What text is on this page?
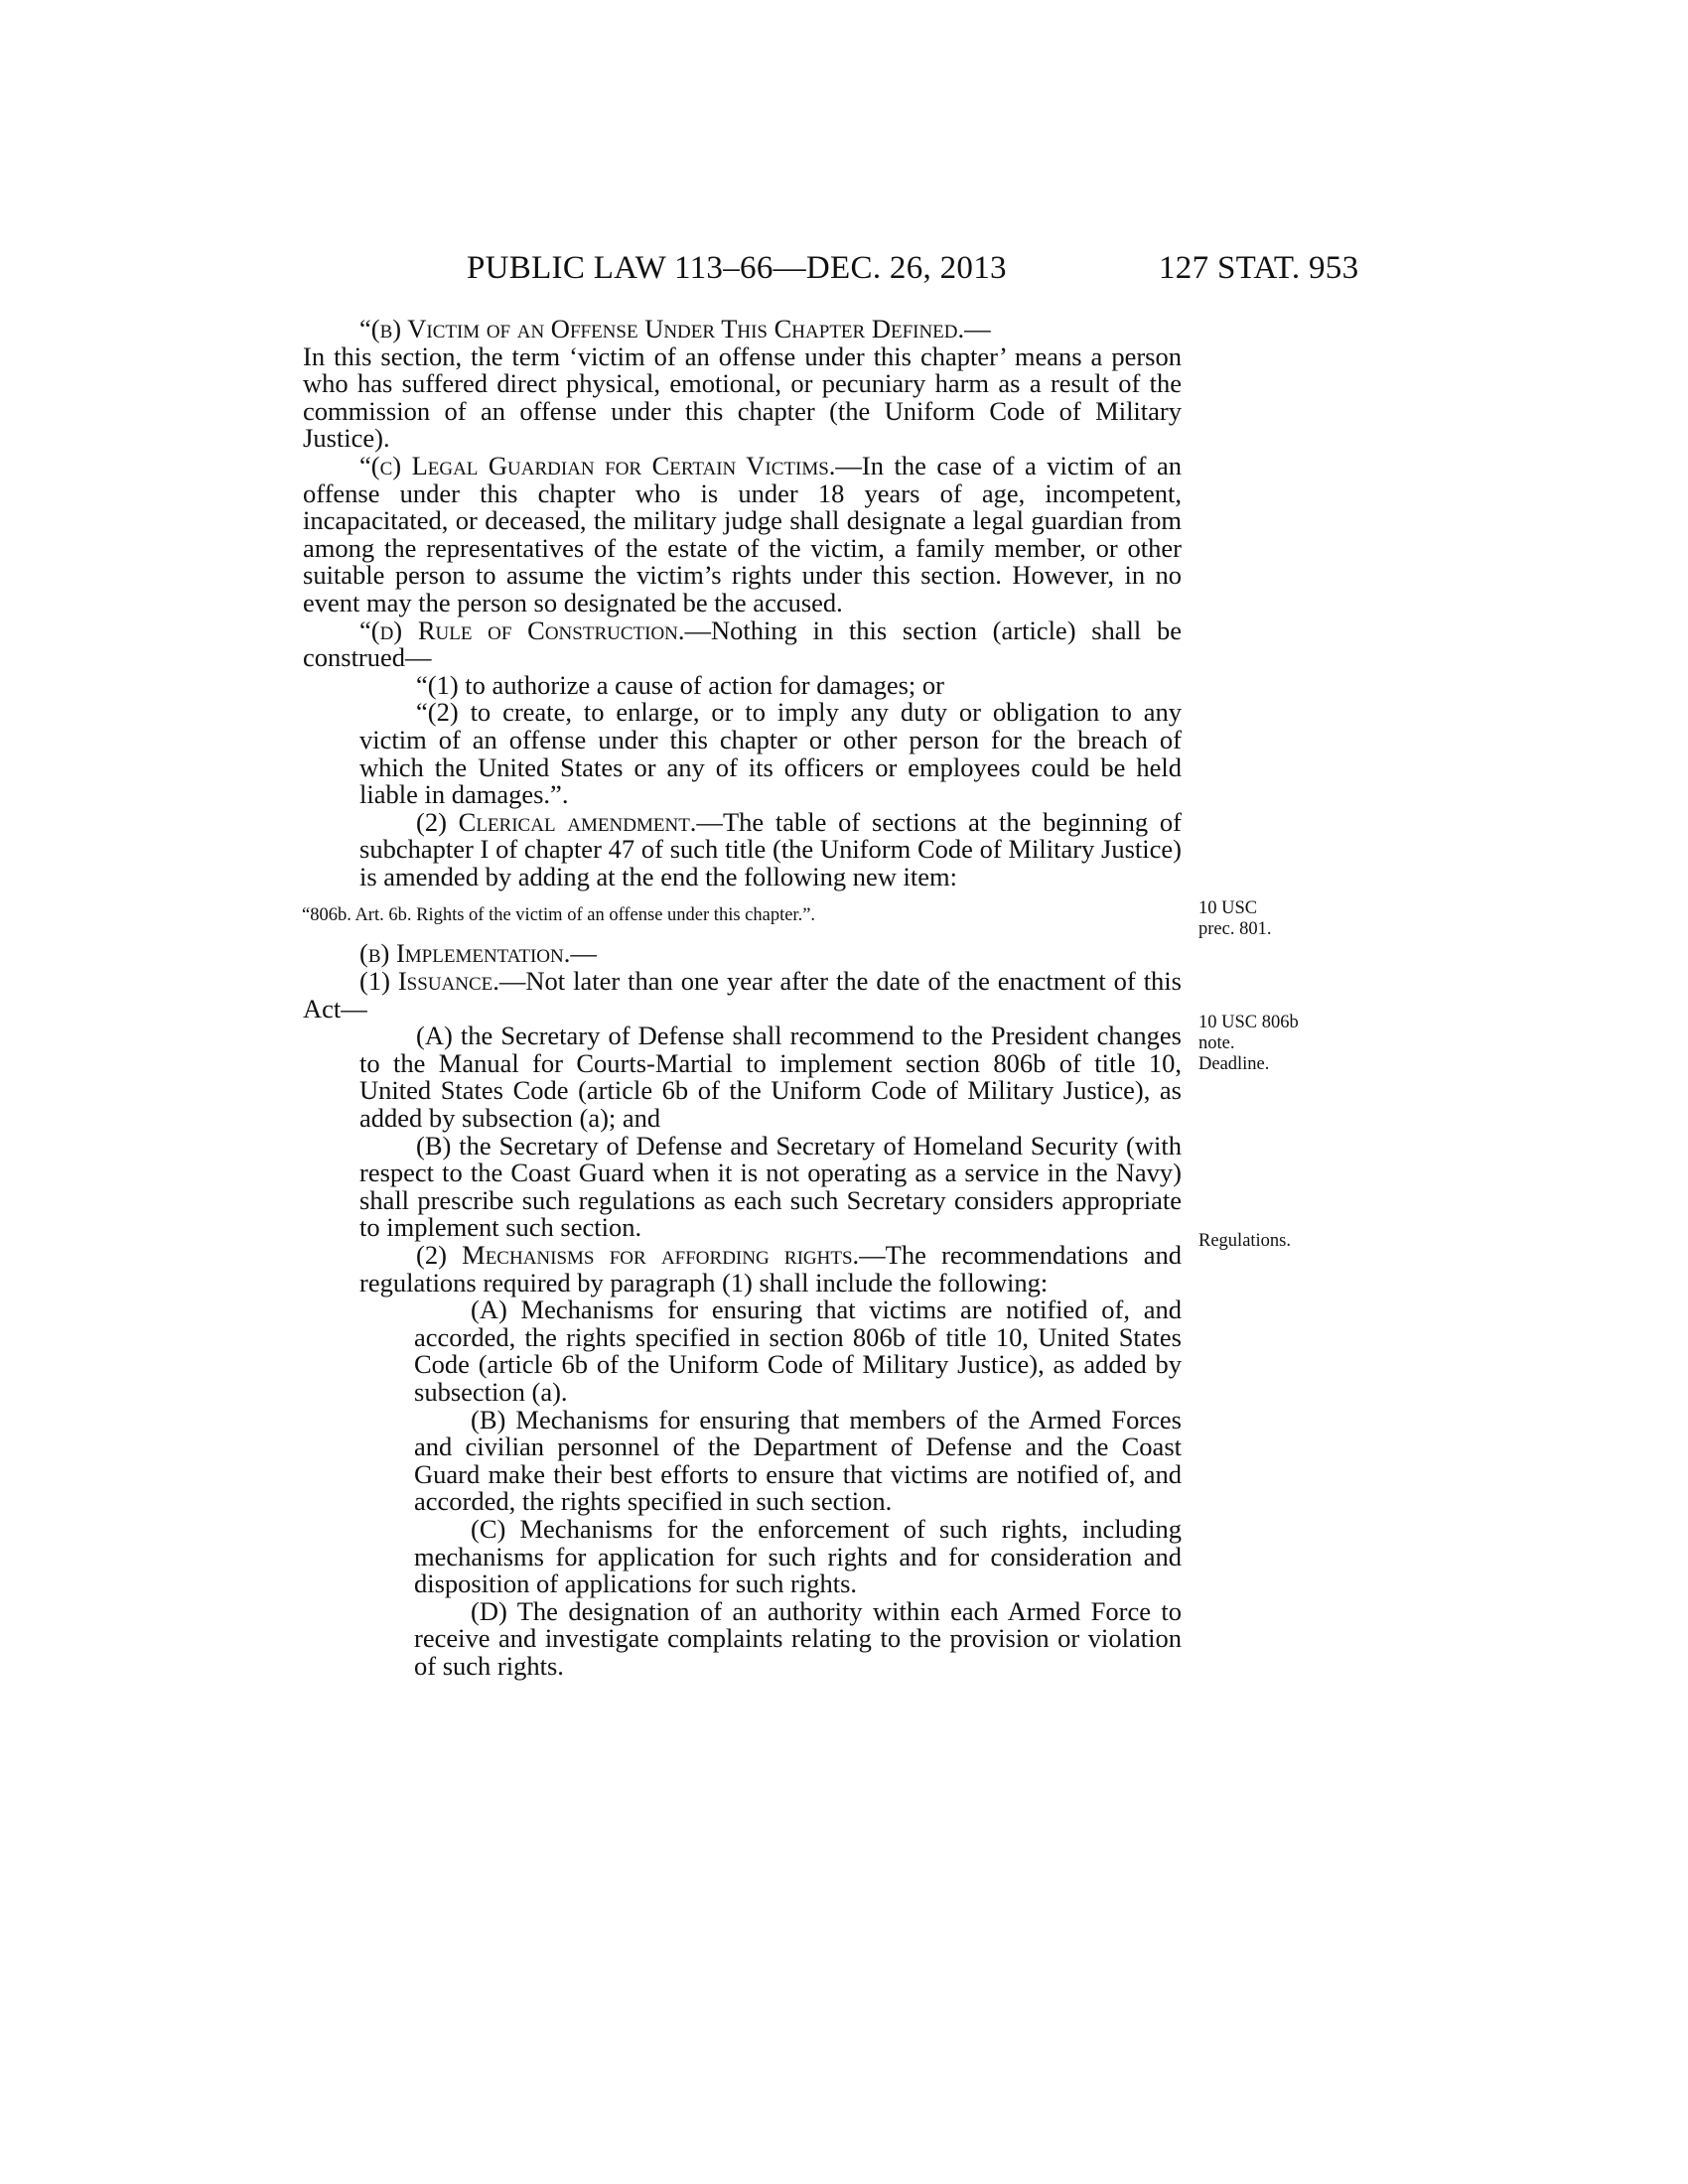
PUBLIC LAW 113–66—DEC. 26, 2013	127 STAT. 953

“(b) Victim of an Offense Under This Chapter Defined.—
In this section, the term ‘victim of an offense under this chapter’ means a person who has suffered direct physical, emotional, or pecuniary harm as a result of the commission of an offense under this chapter (the Uniform Code of Military Justice).

“(c) Legal Guardian for Certain Victims.—In the case of a victim of an offense under this chapter who is under 18 years of age, incompetent, incapacitated, or deceased, the military judge shall designate a legal guardian from among the representatives of the estate of the victim, a family member, or other suitable person to assume the victim’s rights under this section. However, in no event may the person so designated be the accused.

“(d) Rule of Construction.—Nothing in this section (article) shall be construed—

“(1) to authorize a cause of action for damages; or

“(2) to create, to enlarge, or to imply any duty or obligation to any victim of an offense under this chapter or other person for the breach of which the United States or any of its officers or employees could be held liable in damages.”.

(2) Clerical amendment.—The table of sections at the beginning of subchapter I of chapter 47 of such title (the Uniform Code of Military Justice) is amended by adding at the end the following new item:

“806b. Art. 6b. Rights of the victim of an offense under this chapter.”.

(b) Implementation.—

(1) Issuance.—Not later than one year after the date of the enactment of this Act—

(A) the Secretary of Defense shall recommend to the President changes to the Manual for Courts-Martial to implement section 806b of title 10, United States Code (article 6b of the Uniform Code of Military Justice), as added by subsection (a); and

(B) the Secretary of Defense and Secretary of Homeland Security (with respect to the Coast Guard when it is not operating as a service in the Navy) shall prescribe such regulations as each such Secretary considers appropriate to implement such section.

(2) Mechanisms for affording rights.—The recommendations and regulations required by paragraph (1) shall include the following:

(A) Mechanisms for ensuring that victims are notified of, and accorded, the rights specified in section 806b of title 10, United States Code (article 6b of the Uniform Code of Military Justice), as added by subsection (a).

(B) Mechanisms for ensuring that members of the Armed Forces and civilian personnel of the Department of Defense and the Coast Guard make their best efforts to ensure that victims are notified of, and accorded, the rights specified in such section.

(C) Mechanisms for the enforcement of such rights, including mechanisms for application for such rights and for consideration and disposition of applications for such rights.

(D) The designation of an authority within each Armed Force to receive and investigate complaints relating to the provision or violation of such rights.

10 USC
prec. 801.
10 USC 806b
note.
Deadline.
Regulations.
